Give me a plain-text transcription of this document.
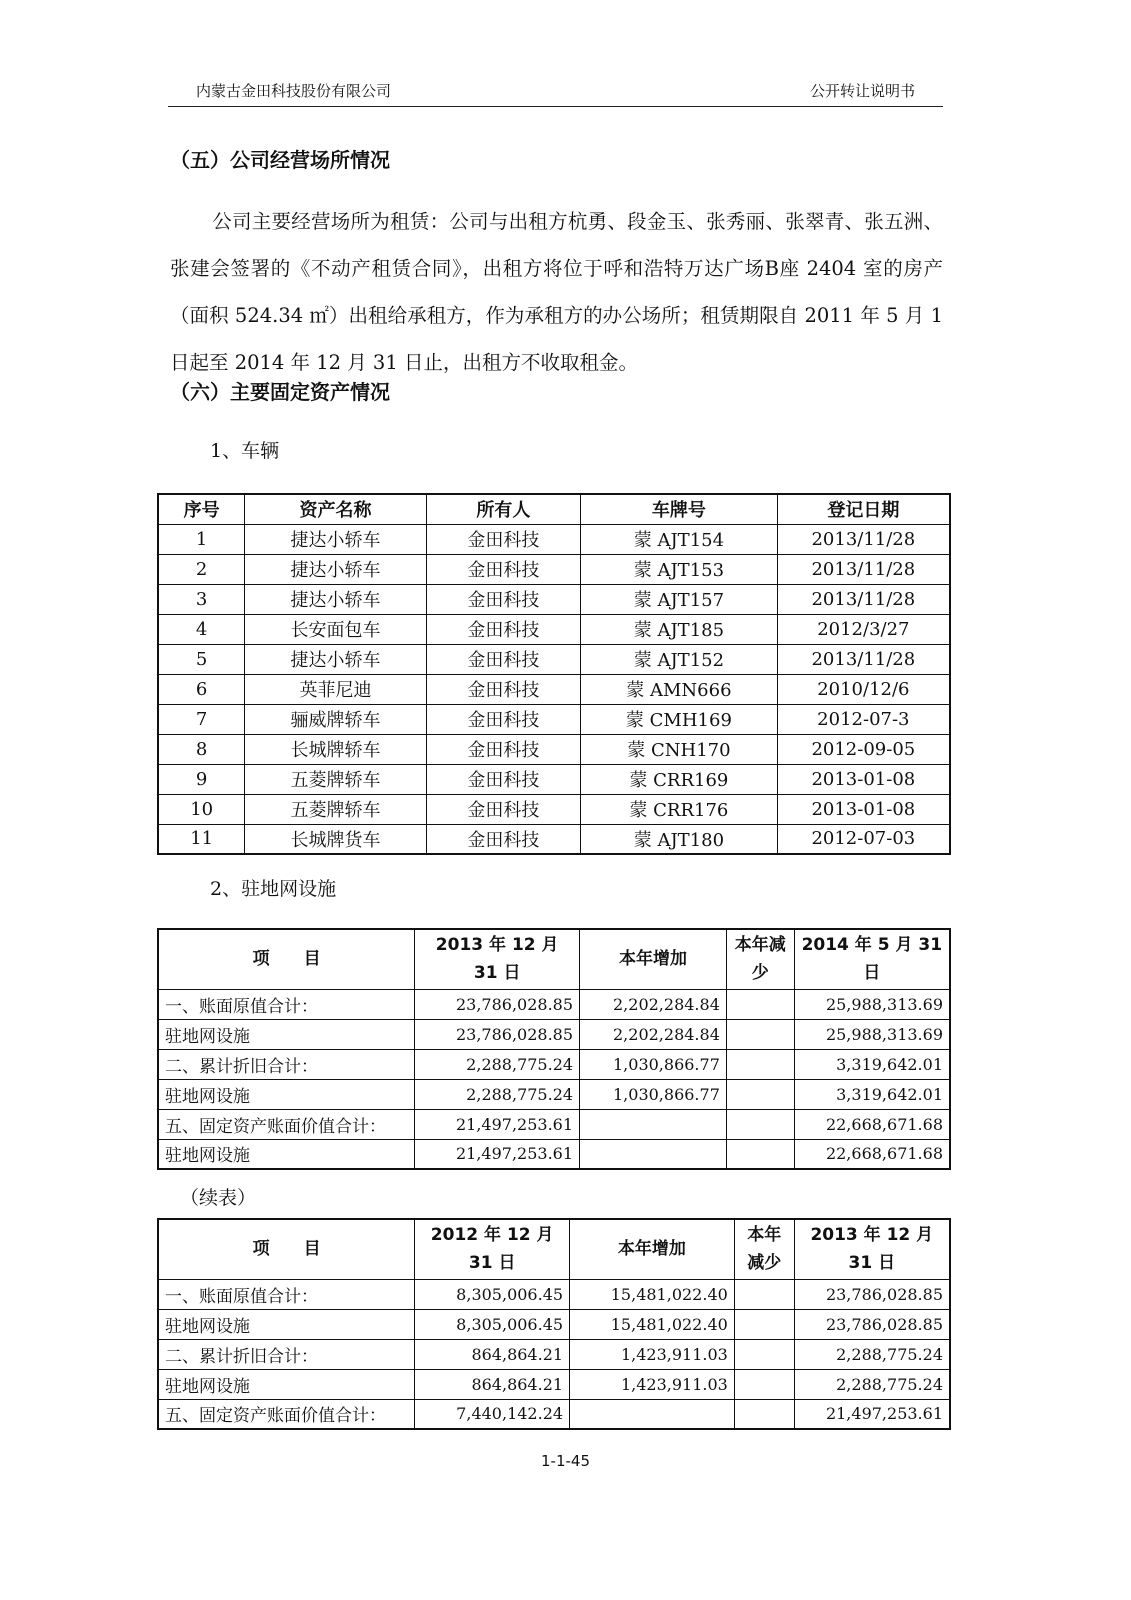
内蒙古金田科技股份有限公司	公开转让说明书
（五）公司经营场所情况
公司主要经营场所为租赁：公司与出租方杭勇、段金玉、张秀丽、张翠青、张五洲、张建会签署的《不动产租赁合同》，出租方将位于呼和浩特万达广场B座 2404 室的房产（面积 524.34 ㎡）出租给承租方，作为承租方的办公场所；租赁期限自 2011 年 5 月 1 日起至 2014 年 12 月 31 日止，出租方不收取租金。
（六）主要固定资产情况
1、车辆
序号	资产名称	所有人	车牌号	登记日期
1	捷达小轿车	金田科技	蒙 AJT154	2013/11/28
2	捷达小轿车	金田科技	蒙 AJT153	2013/11/28
3	捷达小轿车	金田科技	蒙 AJT157	2013/11/28
4	长安面包车	金田科技	蒙 AJT185	2012/3/27
5	捷达小轿车	金田科技	蒙 AJT152	2013/11/28
6	英菲尼迪	金田科技	蒙 AMN666	2010/12/6
7	骊威牌轿车	金田科技	蒙 CMH169	2012-07-3
8	长城牌轿车	金田科技	蒙 CNH170	2012-09-05
9	五菱牌轿车	金田科技	蒙 CRR169	2013-01-08
10	五菱牌轿车	金田科技	蒙 CRR176	2013-01-08
11	长城牌货车	金田科技	蒙 AJT180	2012-07-03
2、驻地网设施
项　　目	2013 年 12 月 31 日	本年增加	本年减少	2014 年 5 月 31 日
一、账面原值合计：	23,786,028.85	2,202,284.84		25,988,313.69
驻地网设施	23,786,028.85	2,202,284.84		25,988,313.69
二、累计折旧合计：	2,288,775.24	1,030,866.77		3,319,642.01
驻地网设施	2,288,775.24	1,030,866.77		3,319,642.01
五、固定资产账面价值合计：	21,497,253.61			22,668,671.68
驻地网设施	21,497,253.61			22,668,671.68
（续表）
项　　目	2012 年 12 月 31 日	本年增加	本年减少	2013 年 12 月 31 日
一、账面原值合计：	8,305,006.45	15,481,022.40		23,786,028.85
驻地网设施	8,305,006.45	15,481,022.40		23,786,028.85
二、累计折旧合计：	864,864.21	1,423,911.03		2,288,775.24
驻地网设施	864,864.21	1,423,911.03		2,288,775.24
五、固定资产账面价值合计：	7,440,142.24			21,497,253.61
1-1-45
